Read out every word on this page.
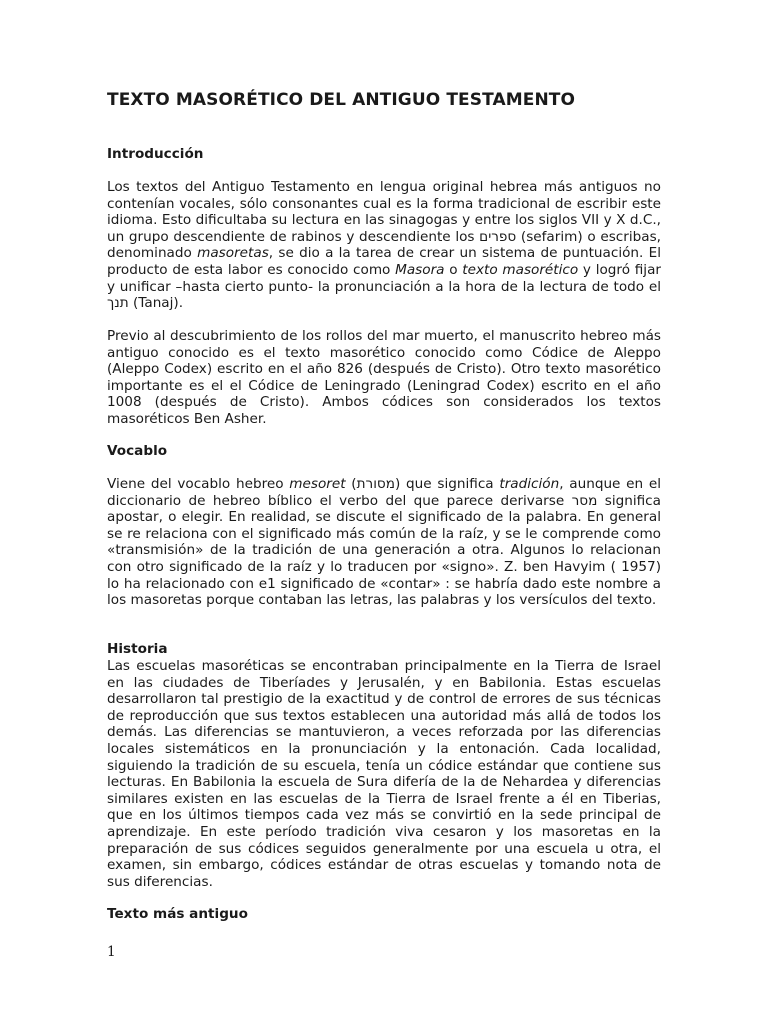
TEXTO MASORÉTICO DEL ANTIGUO TESTAMENTO
Introducción

Los textos del Antiguo Testamento en lengua original hebrea más antiguos no contenían vocales, sólo consonantes cual es la forma tradicional de escribir este idioma. Esto dificultaba su lectura en las sinagogas y entre los siglos VII y X d.C., un grupo descendiente de rabinos y descendiente los ספרים (sefarim) o escribas, denominado masoretas, se dio a la tarea de crear un sistema de puntuación. El producto de esta labor es conocido como Masora o texto masorético y logró fijar y unificar –hasta cierto punto- la pronunciación a la hora de la lectura de todo el תנך (Tanaj).

Previo al descubrimiento de los rollos del mar muerto, el manuscrito hebreo más antiguo conocido es el texto masorético conocido como Códice de Aleppo (Aleppo Codex) escrito en el año 826 (después de Cristo). Otro texto masorético importante es el el Códice de Leningrado (Leningrad Codex) escrito en el año 1008 (después de Cristo). Ambos códices son considerados los textos masoréticos Ben Asher.

Vocablo

Viene del vocablo hebreo mesoret (מסורת) que significa tradición, aunque en el diccionario de hebreo bíblico el verbo del que parece derivarse מסר significa apostar, o elegir. En realidad, se discute el significado de la palabra. En general se re relaciona con el significado más común de la raíz, y se le comprende como «transmisión» de la tradición de una generación a otra. Algunos lo relacionan con otro significado de la raíz y lo traducen por «signo». Z. ben Havyim ( 1957) lo ha relacionado con e1 significado de «contar» : se habría dado este nombre a los masoretas porque contaban las letras, las palabras y los versículos del texto.

Historia

Las escuelas masoréticas se encontraban principalmente en la Tierra de Israel en las ciudades de Tiberíades y Jerusalén, y en Babilonia. Estas escuelas desarrollaron tal prestigio de la exactitud y de control de errores de sus técnicas de reproducción que sus textos establecen una autoridad más allá de todos los demás. Las diferencias se mantuvieron, a veces reforzada por las diferencias locales sistemáticos en la pronunciación y la entonación. Cada localidad, siguiendo la tradición de su escuela, tenía un códice estándar que contiene sus lecturas. En Babilonia la escuela de Sura difería de la de Nehardea y diferencias similares existen en las escuelas de la Tierra de Israel frente a él en Tiberias, que en los últimos tiempos cada vez más se convirtió en la sede principal de aprendizaje. En este período tradición viva cesaron y los masoretas en la preparación de sus códices seguidos generalmente por una escuela u otra, el examen, sin embargo, códices estándar de otras escuelas y tomando nota de sus diferencias.

Texto más antiguo
1
